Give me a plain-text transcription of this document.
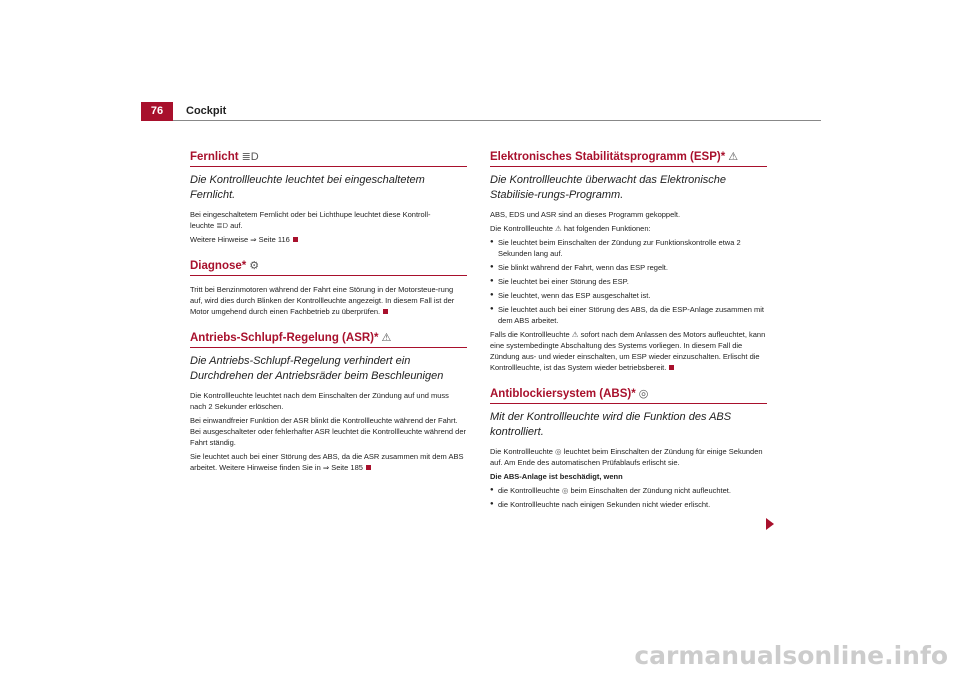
76	Cockpit
Fernlicht ≣D
Die Kontrollleuchte leuchtet bei eingeschaltetem Fernlicht.

Bei eingeschaltetem Fernlicht oder bei Lichthupe leuchtet diese Kontroll-
leuchte ≣D auf.

Weitere Hinweise ⇒ Seite 116

Diagnose* ⚙

Tritt bei Benzinmotoren während der Fahrt eine Störung in der Motorsteue-rung auf, wird dies durch Blinken der Kontrollleuchte angezeigt. In diesem Fall ist der Motor umgehend durch einen Fachbetrieb zu überprüfen.

Antriebs-Schlupf-Regelung (ASR)* ⚠
Die Antriebs-Schlupf-Regelung verhindert ein Durchdrehen der Antriebsräder beim Beschleunigen

Die Kontrollleuchte leuchtet nach dem Einschalten der Zündung auf und muss nach 2 Sekunder erlöschen.

Bei einwandfreier Funktion der ASR blinkt die Kontrollleuchte während der Fahrt. Bei ausgeschalteter oder fehlerhafter ASR leuchtet die Kontrollleuchte während der Fahrt ständig.

Sie leuchtet auch bei einer Störung des ABS, da die ASR zusammen mit dem ABS arbeitet. Weitere Hinweise finden Sie in ⇒ Seite 185

Elektronisches Stabilitätsprogramm (ESP)* ⚠
Die Kontrollleuchte überwacht das Elektronische Stabilisie-rungs-Programm.

ABS, EDS und ASR sind an dieses Programm gekoppelt.

Die Kontrollleuchte ⚠ hat folgenden Funktionen:

● Sie leuchtet beim Einschalten der Zündung zur Funktionskontrolle etwa 2 Sekunden lang auf.
● Sie blinkt während der Fahrt, wenn das ESP regelt.
● Sie leuchtet bei einer Störung des ESP.
● Sie leuchtet, wenn das ESP ausgeschaltet ist.
● Sie leuchtet auch bei einer Störung des ABS, da die ESP-Anlage zusammen mit dem ABS arbeitet.

Falls die Kontrollleuchte ⚠ sofort nach dem Anlassen des Motors aufleuchtet, kann eine systembedingte Abschaltung des Systems vorliegen. In diesem Fall die Zündung aus- und wieder einschalten, um ESP wieder einzuschalten. Erlischt die Kontrollleuchte, ist das System wieder betriebsbereit.

Antiblockiersystem (ABS)* ◎
Mit der Kontrollleuchte wird die Funktion des ABS kontrolliert.

Die Kontrollleuchte ◎ leuchtet beim Einschalten der Zündung für einige Sekunden auf. Am Ende des automatischen Prüfablaufs erlischt sie.

Die ABS-Anlage ist beschädigt, wenn

● die Kontrollleuchte ◎ beim Einschalten der Zündung nicht aufleuchtet.
● die Kontrollleuchte nach einigen Sekunden nicht wieder erlischt.
carmanualsonline.info
